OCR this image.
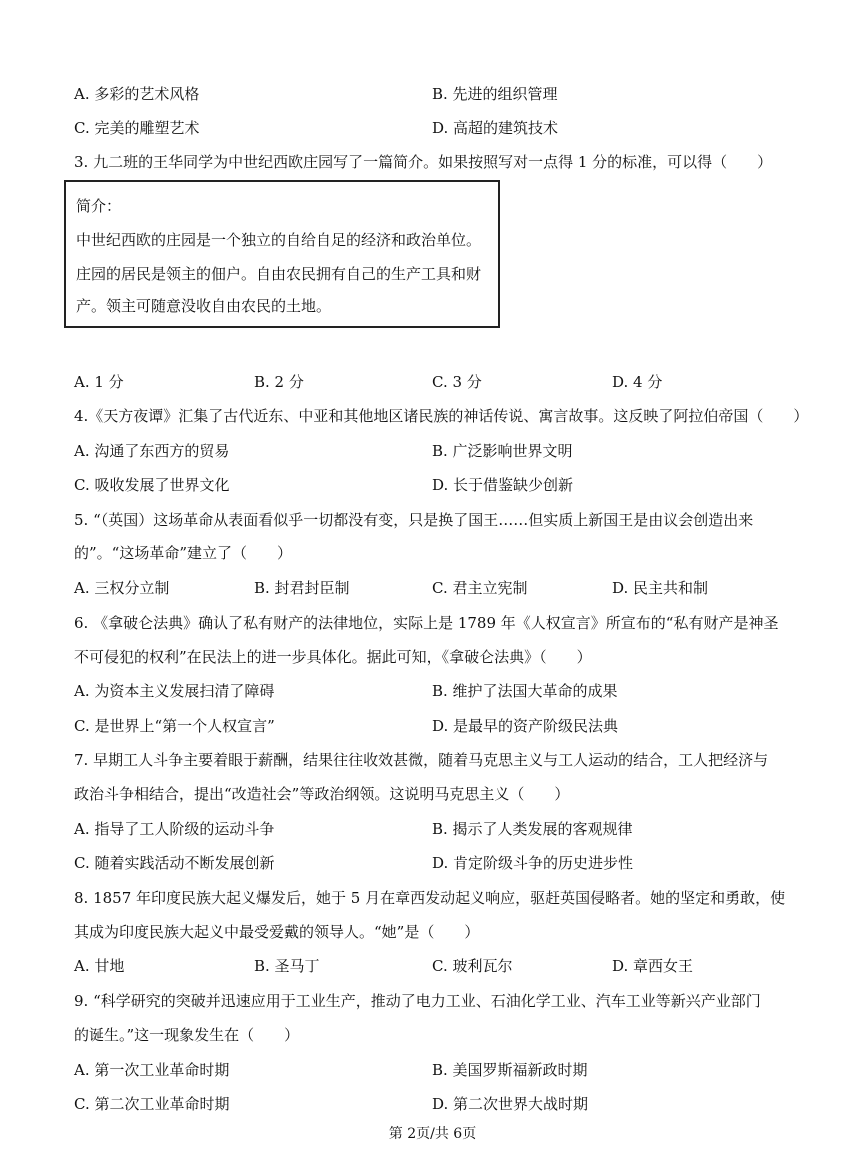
A. 多彩的艺术风格	B. 先进的组织管理
C. 完美的雕塑艺术	D. 高超的建筑技术
3. 九二班的王华同学为中世纪西欧庄园写了一篇简介。如果按照写对一点得 1 分的标准，可以得（　　）
简介：
中世纪西欧的庄园是一个独立的自给自足的经济和政治单位。
庄园的居民是领主的佃户。自由农民拥有自己的生产工具和财
产。领主可随意没收自由农民的土地。
A. 1 分	B. 2 分	C. 3 分	D. 4 分
4.《天方夜谭》汇集了古代近东、中亚和其他地区诸民族的神话传说、寓言故事。这反映了阿拉伯帝国（　　）
A. 沟通了东西方的贸易	B. 广泛影响世界文明
C. 吸收发展了世界文化	D. 长于借鉴缺少创新
5. “（英国）这场革命从表面看似乎一切都没有变，只是换了国王……但实质上新国王是由议会创造出来
的”。“这场革命”建立了（　　）
A. 三权分立制	B. 封君封臣制	C. 君主立宪制	D. 民主共和制
6. 《拿破仑法典》确认了私有财产的法律地位，实际上是 1789 年《人权宣言》所宣布的“私有财产是神圣
不可侵犯的权利”在民法上的进一步具体化。据此可知，《拿破仑法典》（　　）
A. 为资本主义发展扫清了障碍	B. 维护了法国大革命的成果
C. 是世界上“第一个人权宣言”	D. 是最早的资产阶级民法典
7. 早期工人斗争主要着眼于薪酬，结果往往收效甚微，随着马克思主义与工人运动的结合，工人把经济与
政治斗争相结合，提出“改造社会”等政治纲领。这说明马克思主义（　　）
A. 指导了工人阶级的运动斗争	B. 揭示了人类发展的客观规律
C. 随着实践活动不断发展创新	D. 肯定阶级斗争的历史进步性
8. 1857 年印度民族大起义爆发后，她于 5 月在章西发动起义响应，驱赶英国侵略者。她的坚定和勇敢，使
其成为印度民族大起义中最受爱戴的领导人。“她”是（　　）
A. 甘地	B. 圣马丁	C. 玻利瓦尔	D. 章西女王
9. “科学研究的突破并迅速应用于工业生产，推动了电力工业、石油化学工业、汽车工业等新兴产业部门
的诞生。”这一现象发生在（　　）
A. 第一次工业革命时期	B. 美国罗斯福新政时期
C. 第二次工业革命时期	D. 第二次世界大战时期
第 2页/共 6页
